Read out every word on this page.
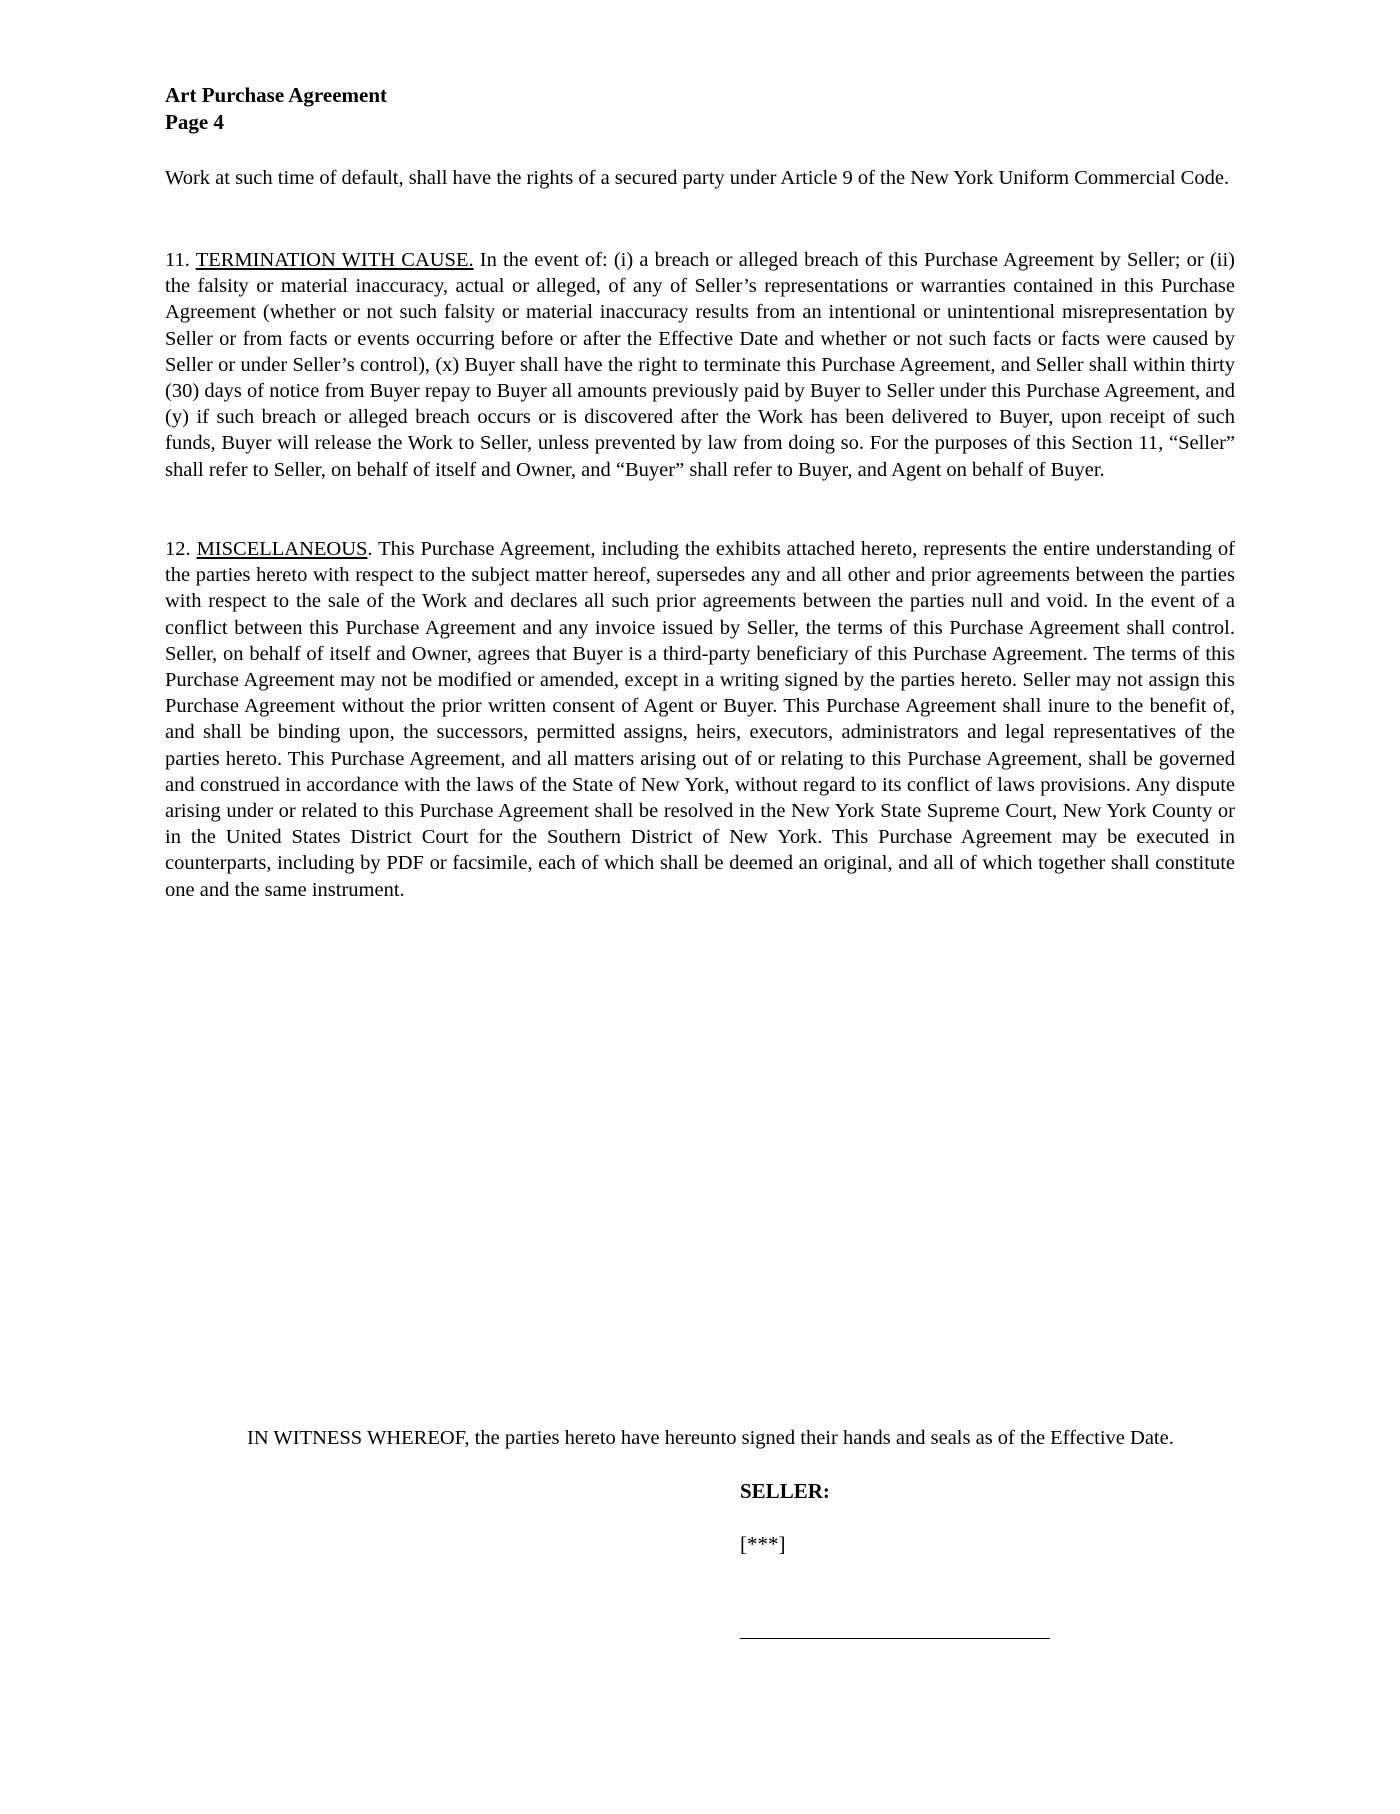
Art Purchase Agreement
Page 4

Work at such time of default, shall have the rights of a secured party under Article 9 of the New York Uniform Commercial Code.

11. TERMINATION WITH CAUSE. In the event of: (i) a breach or alleged breach of this Purchase Agreement by Seller; or (ii) the falsity or material inaccuracy, actual or alleged, of any of Seller’s representations or warranties contained in this Purchase Agreement (whether or not such falsity or material inaccuracy results from an intentional or unintentional misrepresentation by Seller or from facts or events occurring before or after the Effective Date and whether or not such facts or facts were caused by Seller or under Seller’s control), (x) Buyer shall have the right to terminate this Purchase Agreement, and Seller shall within thirty (30) days of notice from Buyer repay to Buyer all amounts previously paid by Buyer to Seller under this Purchase Agreement, and (y) if such breach or alleged breach occurs or is discovered after the Work has been delivered to Buyer, upon receipt of such funds, Buyer will release the Work to Seller, unless prevented by law from doing so. For the purposes of this Section 11, “Seller” shall refer to Seller, on behalf of itself and Owner, and “Buyer” shall refer to Buyer, and Agent on behalf of Buyer.

12. MISCELLANEOUS. This Purchase Agreement, including the exhibits attached hereto, represents the entire understanding of the parties hereto with respect to the subject matter hereof, supersedes any and all other and prior agreements between the parties with respect to the sale of the Work and declares all such prior agreements between the parties null and void. In the event of a conflict between this Purchase Agreement and any invoice issued by Seller, the terms of this Purchase Agreement shall control. Seller, on behalf of itself and Owner, agrees that Buyer is a third-party beneficiary of this Purchase Agreement. The terms of this Purchase Agreement may not be modified or amended, except in a writing signed by the parties hereto. Seller may not assign this Purchase Agreement without the prior written consent of Agent or Buyer. This Purchase Agreement shall inure to the benefit of, and shall be binding upon, the successors, permitted assigns, heirs, executors, administrators and legal representatives of the parties hereto. This Purchase Agreement, and all matters arising out of or relating to this Purchase Agreement, shall be governed and construed in accordance with the laws of the State of New York, without regard to its conflict of laws provisions. Any dispute arising under or related to this Purchase Agreement shall be resolved in the New York State Supreme Court, New York County or in the United States District Court for the Southern District of New York. This Purchase Agreement may be executed in counterparts, including by PDF or facsimile, each of which shall be deemed an original, and all of which together shall constitute one and the same instrument.

IN WITNESS WHEREOF, the parties hereto have hereunto signed their hands and seals as of the Effective Date.

SELLER:
[***]
